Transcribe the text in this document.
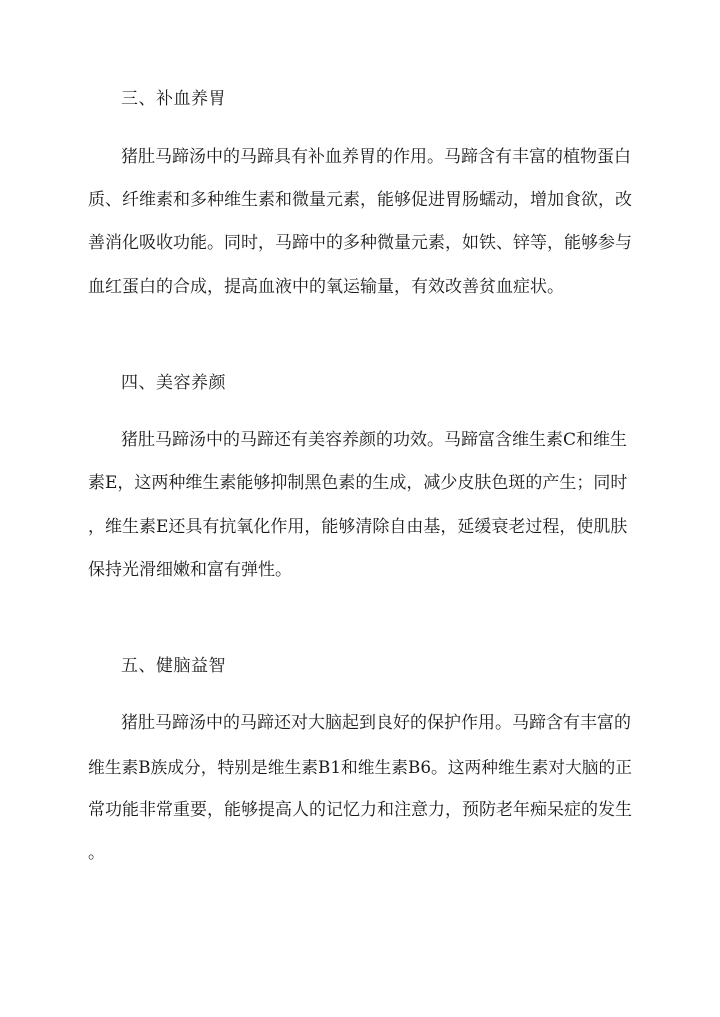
三、补血养胃
猪肚马蹄汤中的马蹄具有补血养胃的作用。马蹄含有丰富的植物蛋白
质、纤维素和多种维生素和微量元素，能够促进胃肠蠕动，增加食欲，改
善消化吸收功能。同时，马蹄中的多种微量元素，如铁、锌等，能够参与
血红蛋白的合成，提高血液中的氧运输量，有效改善贫血症状。
四、美容养颜
猪肚马蹄汤中的马蹄还有美容养颜的功效。马蹄富含维生素C和维生
素E，这两种维生素能够抑制黑色素的生成，减少皮肤色斑的产生；同时
，维生素E还具有抗氧化作用，能够清除自由基，延缓衰老过程，使肌肤
保持光滑细嫩和富有弹性。
五、健脑益智
猪肚马蹄汤中的马蹄还对大脑起到良好的保护作用。马蹄含有丰富的
维生素B族成分，特别是维生素B1和维生素B6。这两种维生素对大脑的正
常功能非常重要，能够提高人的记忆力和注意力，预防老年痴呆症的发生
。
